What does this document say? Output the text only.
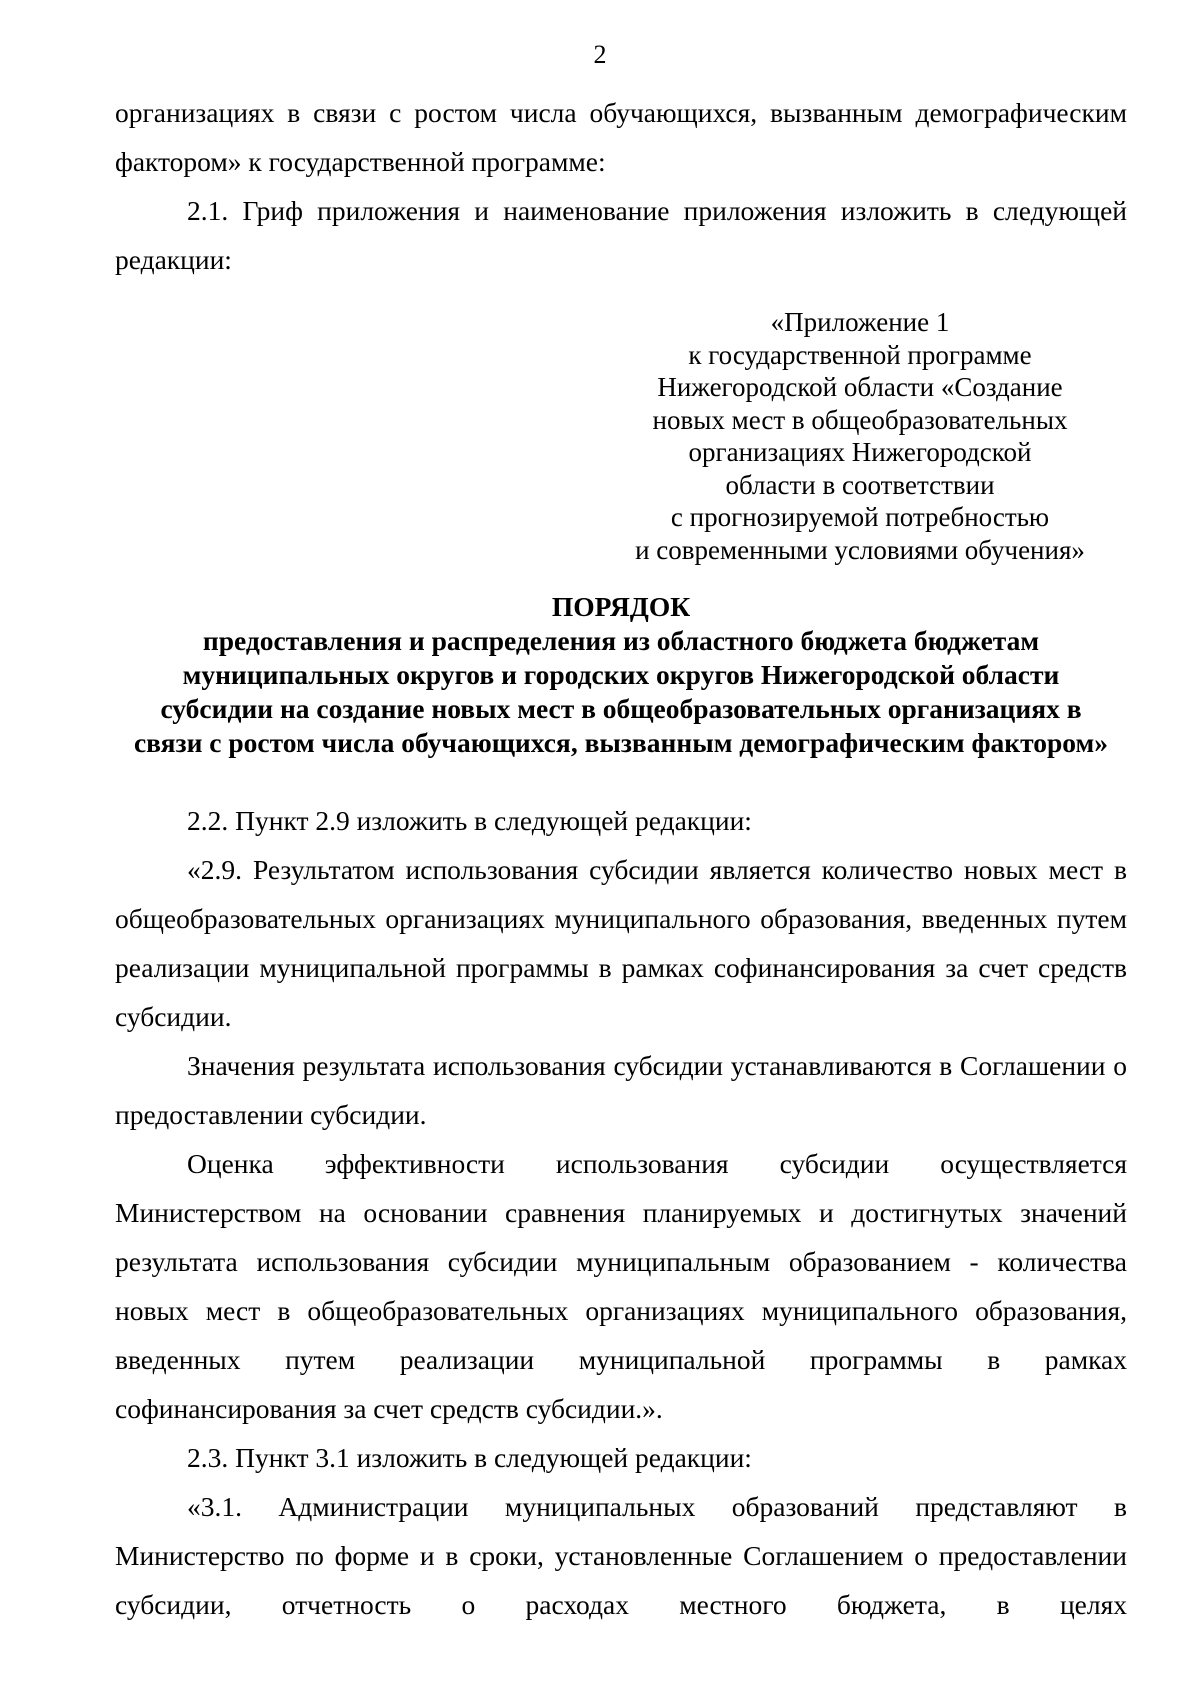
2

организациях в связи с ростом числа обучающихся, вызванным демографическим фактором» к государственной программе:

2.1. Гриф приложения и наименование приложения изложить в следующей редакции:

«Приложение 1
к государственной программе
Нижегородской области «Создание
новых мест в общеобразовательных
организациях Нижегородской
области в соответствии
с прогнозируемой потребностью
и современными условиями обучения»
ПОРЯДОК
предоставления и распределения из областного бюджета бюджетам
муниципальных округов и городских округов Нижегородской области
субсидии на создание новых мест в общеобразовательных организациях в
связи с ростом числа обучающихся, вызванным демографическим фактором»

2.2. Пункт 2.9 изложить в следующей редакции:

«2.9. Результатом использования субсидии является количество новых мест в общеобразовательных организациях муниципального образования, введенных путем реализации муниципальной программы в рамках софинансирования за счет средств субсидии.

Значения результата использования субсидии устанавливаются в Соглашении о предоставлении субсидии.

Оценка эффективности использования субсидии осуществляется Министерством на основании сравнения планируемых и достигнутых значений результата использования субсидии муниципальным образованием - количества новых мест в общеобразовательных организациях муниципального образования, введенных путем реализации муниципальной программы в рамках софинансирования за счет средств субсидии.».

2.3. Пункт 3.1 изложить в следующей редакции:

«3.1. Администрации муниципальных образований представляют в Министерство по форме и в сроки, установленные Соглашением о предоставлении субсидии, отчетность о расходах местного бюджета, в целях
